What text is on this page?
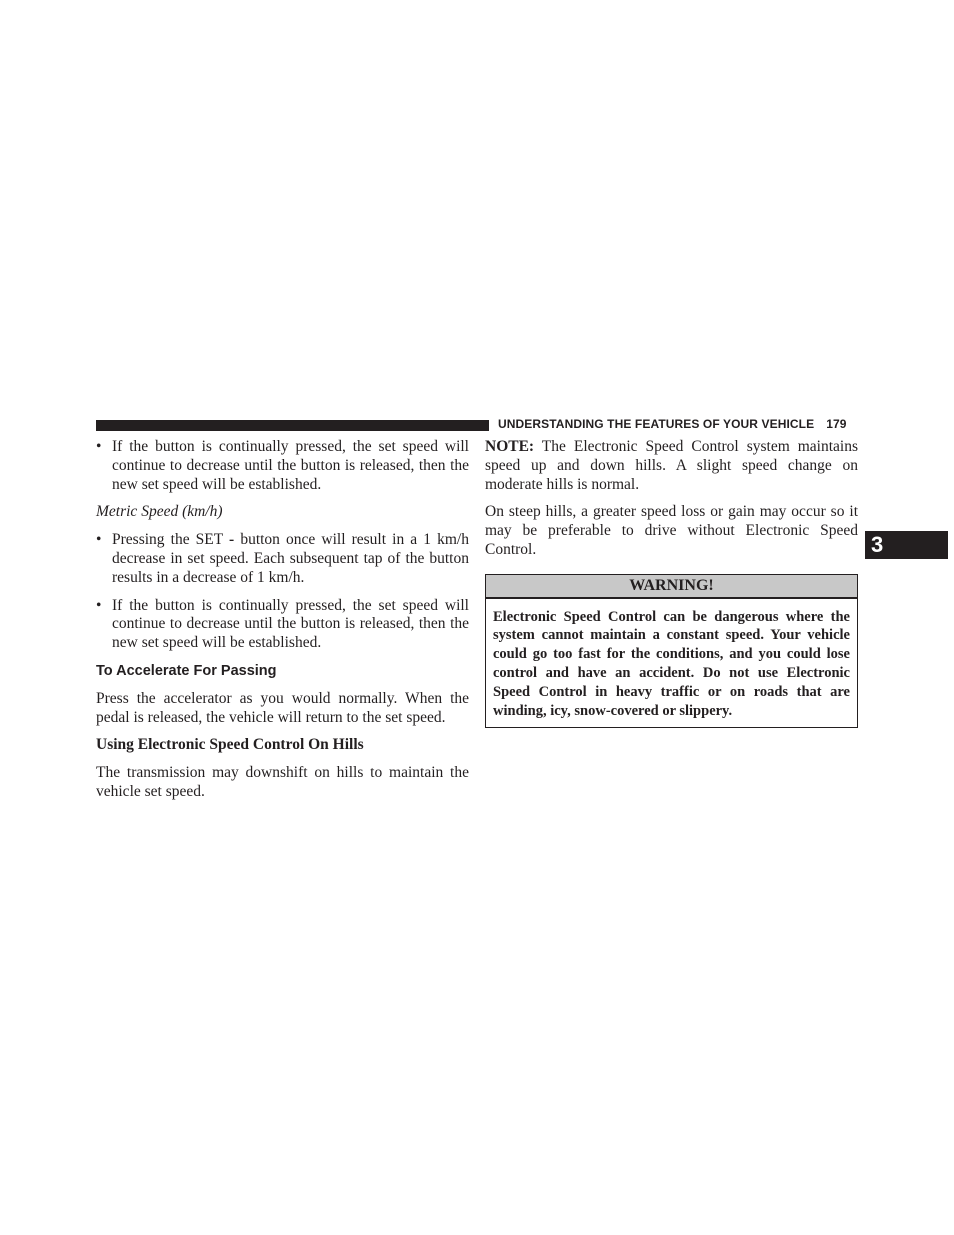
UNDERSTANDING THE FEATURES OF YOUR VEHICLE 179
• If the button is continually pressed, the set speed will continue to decrease until the button is released, then the new set speed will be established.
Metric Speed (km/h)
• Pressing the SET - button once will result in a 1 km/h decrease in set speed. Each subsequent tap of the button results in a decrease of 1 km/h.
• If the button is continually pressed, the set speed will continue to decrease until the button is released, then the new set speed will be established.
To Accelerate For Passing

Press the accelerator as you would normally. When the pedal is released, the vehicle will return to the set speed.

Using Electronic Speed Control On Hills

The transmission may downshift on hills to maintain the vehicle set speed.

NOTE: The Electronic Speed Control system maintains speed up and down hills. A slight speed change on moderate hills is normal.

On steep hills, a greater speed loss or gain may occur so it may be preferable to drive without Electronic Speed Control.

WARNING!
Electronic Speed Control can be dangerous where the system cannot maintain a constant speed. Your vehicle could go too fast for the conditions, and you could lose control and have an accident. Do not use Electronic Speed Control in heavy traffic or on roads that are winding, icy, snow-covered or slippery.
3
